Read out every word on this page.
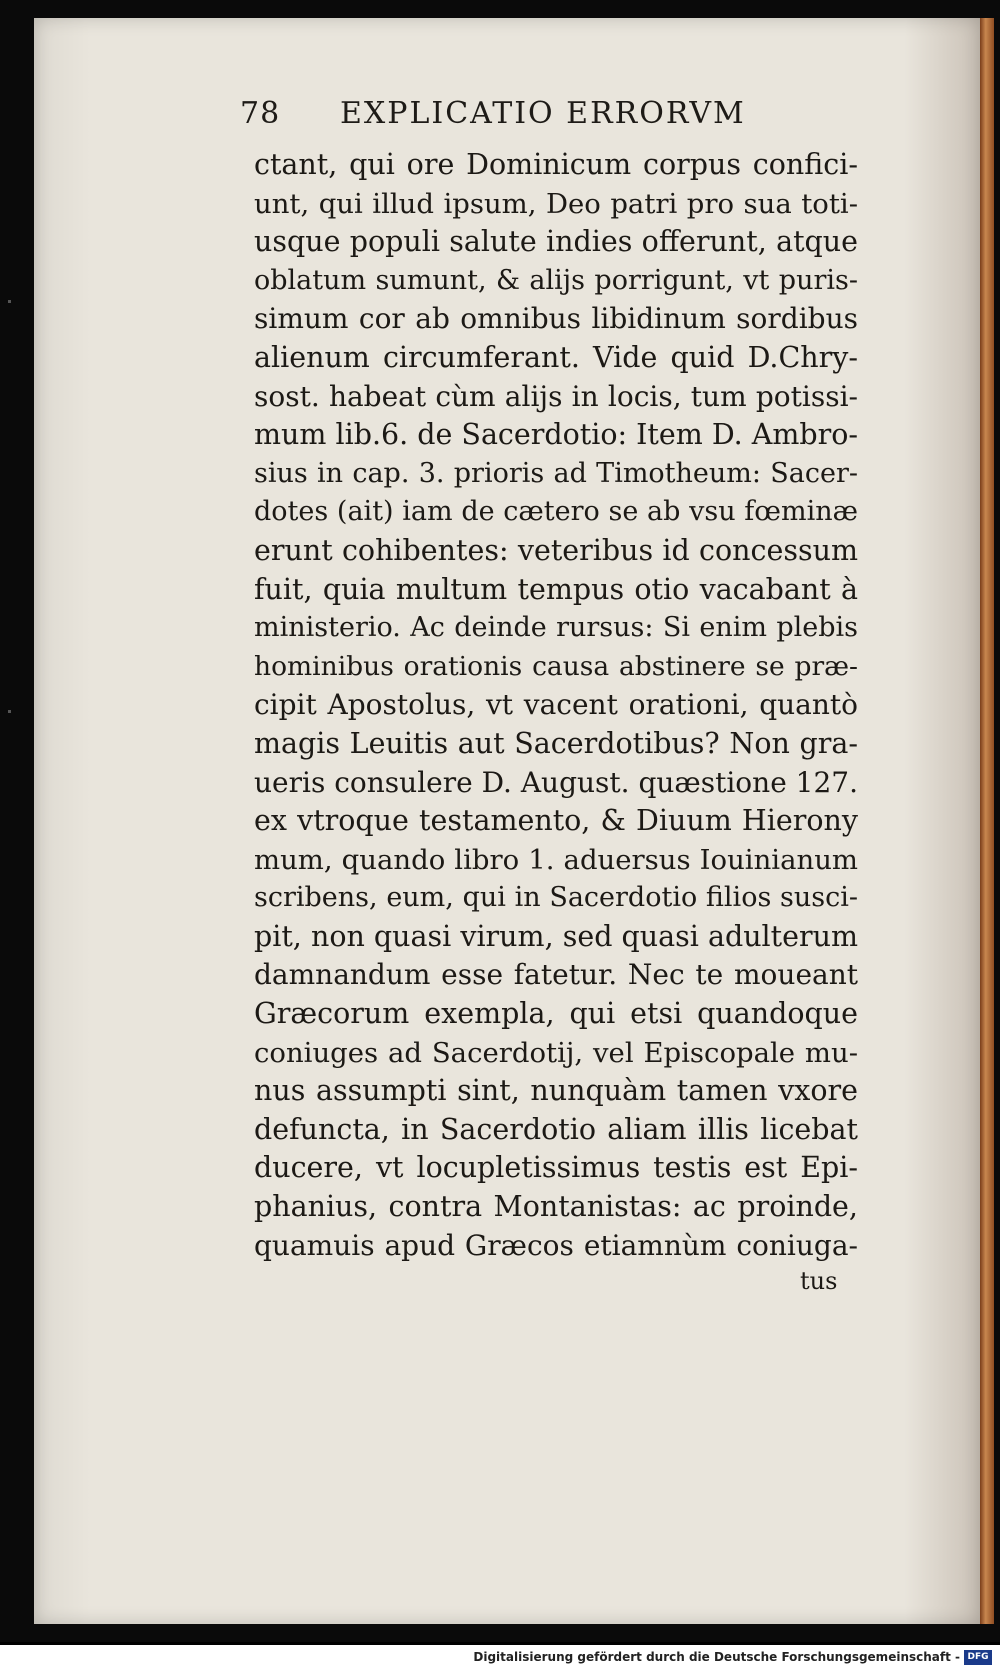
78 EXPLICATIO ERRORVM
ctant, qui ore Dominicum corpus confici-
unt, qui illud ipsum, Deo patri pro sua toti-
usque populi salute indies offerunt, atque
oblatum sumunt, & alijs porrigunt, vt puris-
simum cor ab omnibus libidinum sordibus
alienum circumferant. Vide quid D.Chry-
sost. habeat cùm alijs in locis, tum potissi-
mum lib.6. de Sacerdotio: Item D. Ambro-
sius in cap. 3. prioris ad Timotheum: Sacer-
dotes (ait) iam de cætero se ab vsu fœminæ
erunt cohibentes: veteribus id concessum
fuit, quia multum tempus otio vacabant à
ministerio. Ac deinde rursus: Si enim plebis
hominibus orationis causa abstinere se præ-
cipit Apostolus, vt vacent orationi, quantò
magis Leuitis aut Sacerdotibus? Non gra-
ueris consulere D. August. quæstione 127.
ex vtroque testamento, & Diuum Hierony
mum, quando libro 1. aduersus Iouinianum
scribens, eum, qui in Sacerdotio filios susci-
pit, non quasi virum, sed quasi adulterum
damnandum esse fatetur. Nec te moueant
Græcorum exempla, qui etsi quandoque
coniuges ad Sacerdotij, vel Episcopale mu-
nus assumpti sint, nunquàm tamen vxore
defuncta, in Sacerdotio aliam illis licebat
ducere, vt locupletissimus testis est Epi-
phanius, contra Montanistas: ac proinde,
quamuis apud Græcos etiamnùm coniuga-
tus
Digitalisierung gefördert durch die Deutsche Forschungsgemeinschaft - DFG
